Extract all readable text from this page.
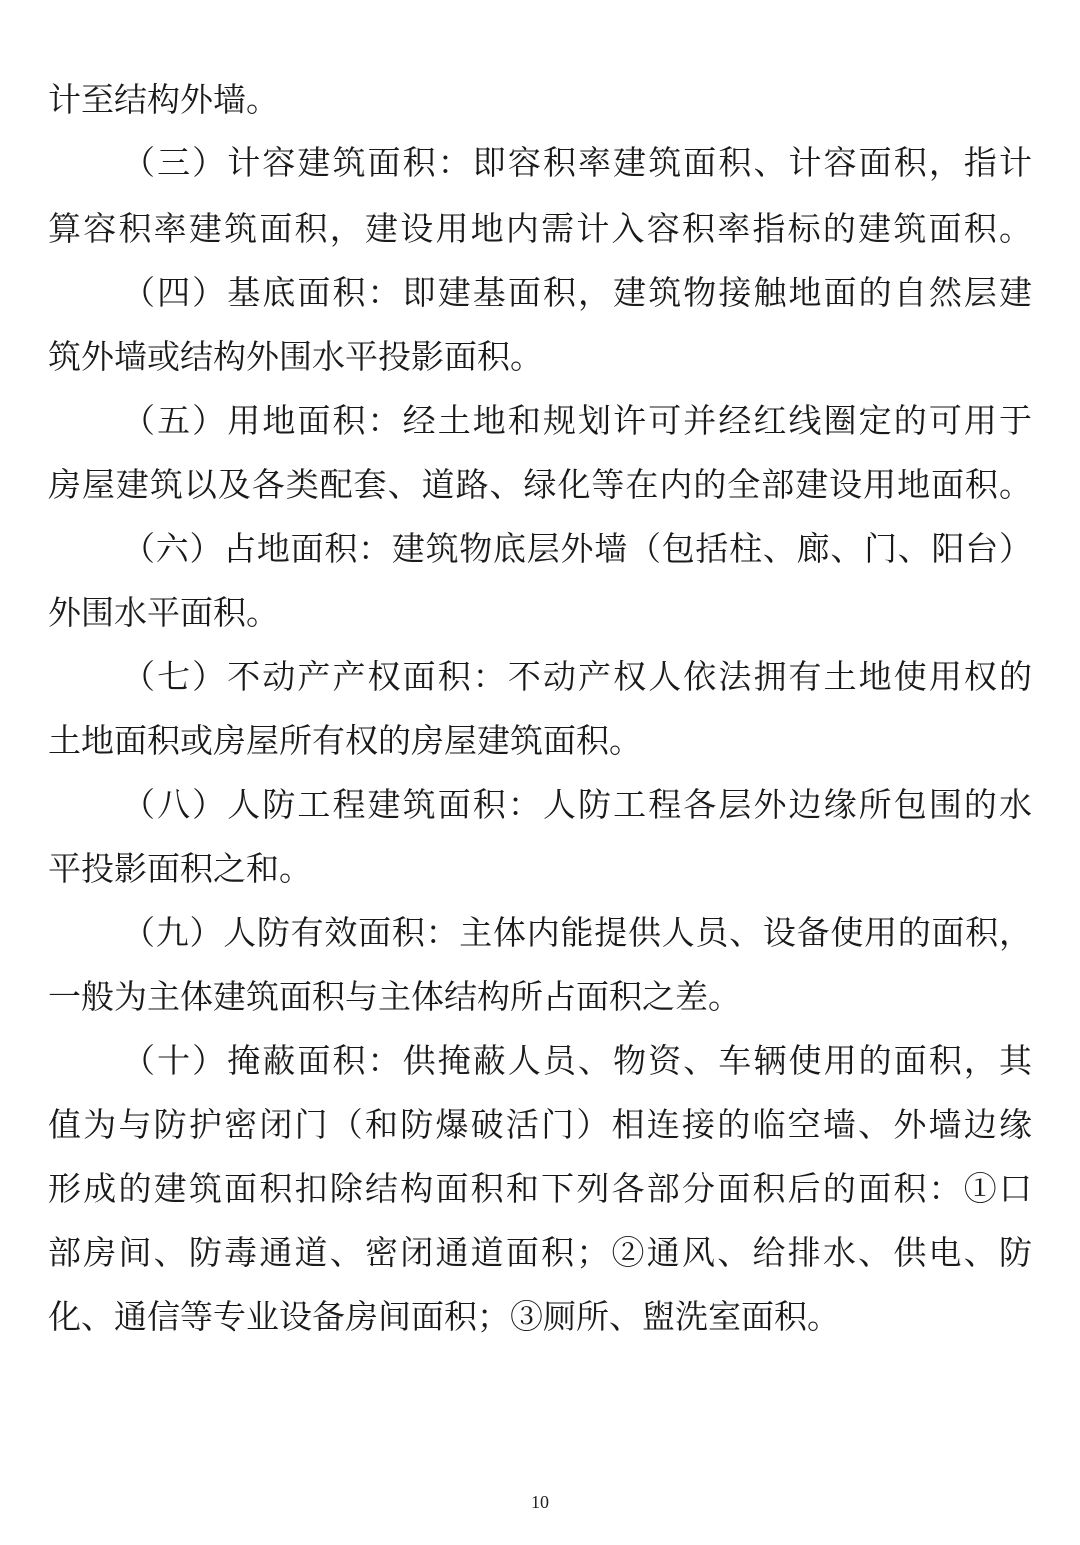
计至结构外墙。
（三）计容建筑面积：即容积率建筑面积、计容面积，指计
算容积率建筑面积，建设用地内需计入容积率指标的建筑面积。
（四）基底面积：即建基面积，建筑物接触地面的自然层建
筑外墙或结构外围水平投影面积。
（五）用地面积：经土地和规划许可并经红线圈定的可用于
房屋建筑以及各类配套、道路、绿化等在内的全部建设用地面积。
（六）占地面积：建筑物底层外墙（包括柱、廊、门、阳台）
外围水平面积。
（七）不动产产权面积：不动产权人依法拥有土地使用权的
土地面积或房屋所有权的房屋建筑面积。
（八）人防工程建筑面积：人防工程各层外边缘所包围的水
平投影面积之和。
（九）人防有效面积：主体内能提供人员、设备使用的面积，
一般为主体建筑面积与主体结构所占面积之差。
（十）掩蔽面积：供掩蔽人员、物资、车辆使用的面积，其
值为与防护密闭门（和防爆破活门）相连接的临空墙、外墙边缘
形成的建筑面积扣除结构面积和下列各部分面积后的面积：①口
部房间、防毒通道、密闭通道面积；②通风、给排水、供电、防
化、通信等专业设备房间面积；③厕所、盥洗室面积。
10
